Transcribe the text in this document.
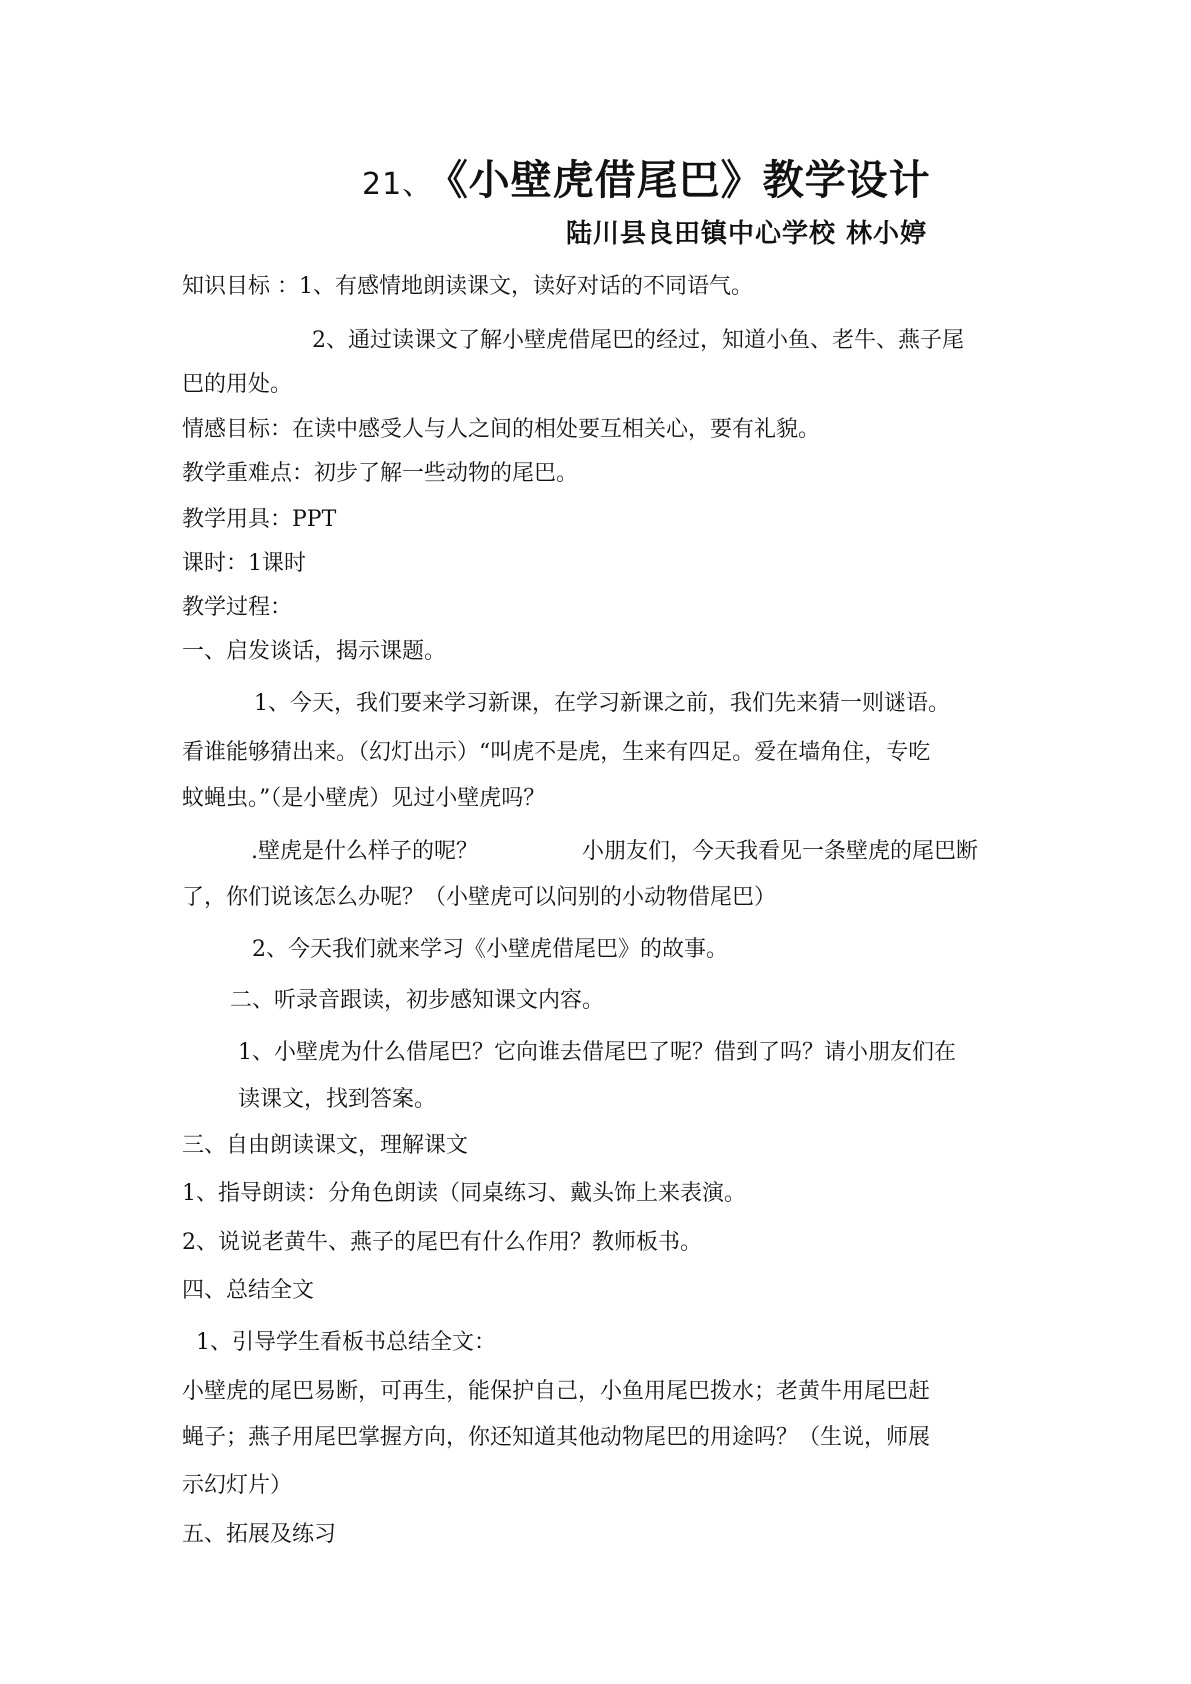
21、 《小壁虎借尾巴》教学设计
陆川县良田镇中心学校 林小婷
知识目标 ：1、有感情地朗读课文，读好对话的不同语气。
2、通过读课文了解小壁虎借尾巴的经过，知道小鱼、老牛、燕子尾
巴的用处。
情感目标：在读中感受人与人之间的相处要互相关心，要有礼貌。
教学重难点：初步了解一些动物的尾巴。
教学用具：PPT
课时：1课时
教学过程：
一、启发谈话，揭示课题。
1、今天，我们要来学习新课，在学习新课之前，我们先来猜一则谜语。
看谁能够猜出来。（幻灯出示）“叫虎不是虎，生来有四足。爱在墙角住，专吃
蚊蝇虫。”（是小壁虎）见过小壁虎吗？
.壁虎是什么样子的呢？	小朋友们，今天我看见一条壁虎的尾巴断
了，你们说该怎么办呢？（小壁虎可以问别的小动物借尾巴）
2、今天我们就来学习《小壁虎借尾巴》的故事。
二、听录音跟读，初步感知课文内容。
1、小壁虎为什么借尾巴？它向谁去借尾巴了呢？借到了吗？请小朋友们在
读课文，找到答案。
三、自由朗读课文，理解课文
1、指导朗读：分角色朗读（同桌练习、戴头饰上来表演。
2、说说老黄牛、燕子的尾巴有什么作用？教师板书。
四、总结全文
1、引导学生看板书总结全文：
小壁虎的尾巴易断，可再生，能保护自己，小鱼用尾巴拨水；老黄牛用尾巴赶
蝇子；燕子用尾巴掌握方向，你还知道其他动物尾巴的用途吗？（生说，师展
示幻灯片）
五、拓展及练习
